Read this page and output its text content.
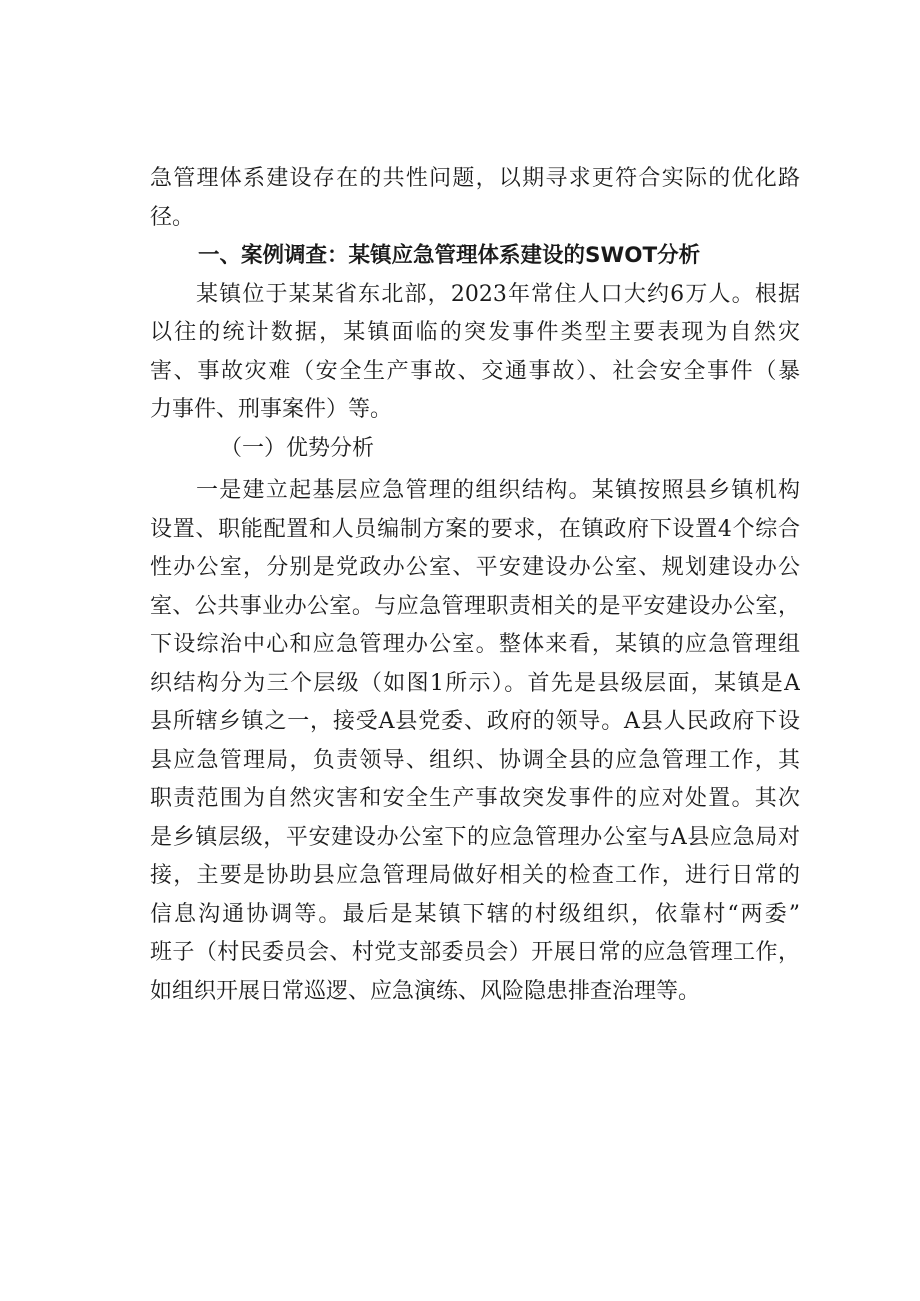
急管理体系建设存在的共性问题，以期寻求更符合实际的优化路
径。
一、案例调查：某镇应急管理体系建设的SWOT分析
某镇位于某某省东北部，2023年常住人口大约6万人。根据
以往的统计数据，某镇面临的突发事件类型主要表现为自然灾
害、事故灾难（安全生产事故、交通事故）、社会安全事件（暴
力事件、刑事案件）等。
（一）优势分析
一是建立起基层应急管理的组织结构。某镇按照县乡镇机构
设置、职能配置和人员编制方案的要求，在镇政府下设置4个综合
性办公室，分别是党政办公室、平安建设办公室、规划建设办公
室、公共事业办公室。与应急管理职责相关的是平安建设办公室，
下设综治中心和应急管理办公室。整体来看，某镇的应急管理组
织结构分为三个层级（如图1所示）。首先是县级层面，某镇是A
县所辖乡镇之一，接受A县党委、政府的领导。A县人民政府下设
县应急管理局，负责领导、组织、协调全县的应急管理工作，其
职责范围为自然灾害和安全生产事故突发事件的应对处置。其次
是乡镇层级，平安建设办公室下的应急管理办公室与A县应急局对
接，主要是协助县应急管理局做好相关的检查工作，进行日常的
信息沟通协调等。最后是某镇下辖的村级组织，依靠村“两委”
班子（村民委员会、村党支部委员会）开展日常的应急管理工作，
如组织开展日常巡逻、应急演练、风险隐患排查治理等。
